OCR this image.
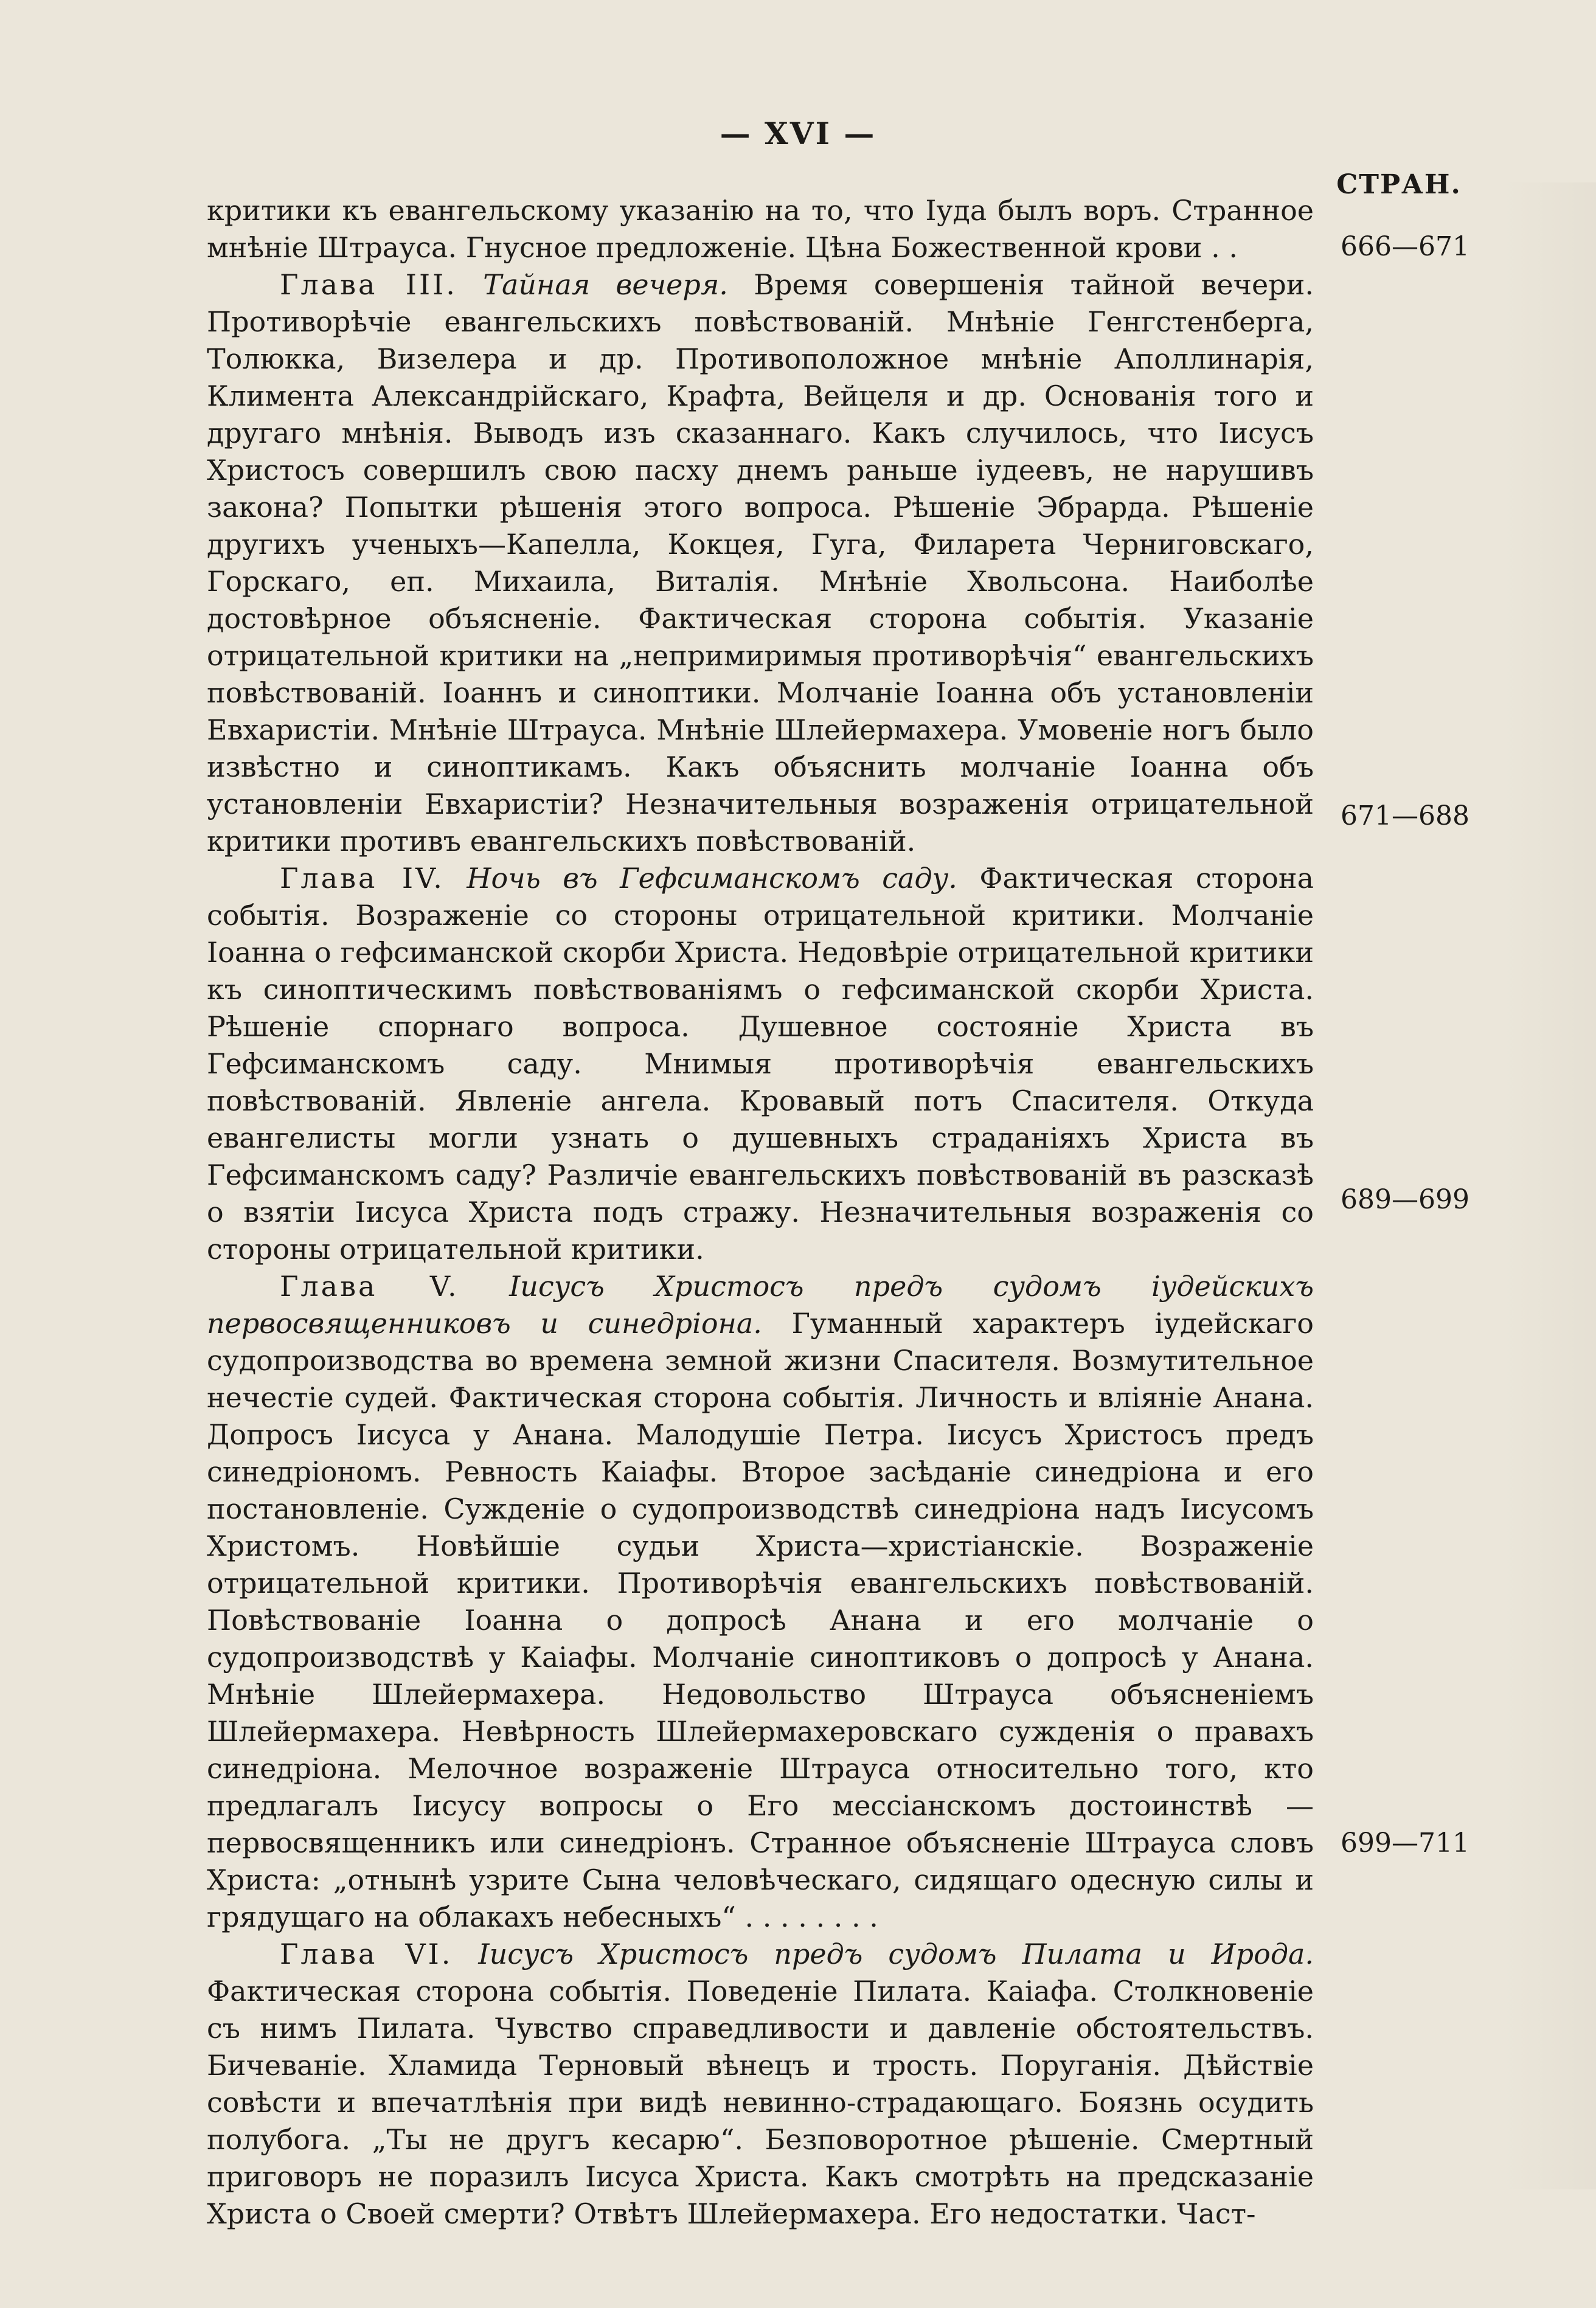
— XVI —
СТРАН.

критики къ евангельскому указанію на то, что Іуда былъ воръ. Странное мнѣніе Штрауса. Гнусное предложеніе. Цѣна Божественной крови . .

Глава III. Тайная вечеря. Время совершенія тайной вечери. Противорѣчіе евангельскихъ повѣствованій. Мнѣніе Генгстенберга, Толюкка, Визелера и др. Противоположное мнѣніе Аполлинарія, Климента Александрійскаго, Крафта, Вейцеля и др. Основанія того и другаго мнѣнія. Выводъ изъ сказаннаго. Какъ случилось, что Іисусъ Христосъ совершилъ свою пасху днемъ раньше іудеевъ, не нарушивъ закона? Попытки рѣшенія этого вопроса. Рѣшеніе Эбрарда. Рѣшеніе другихъ ученыхъ—Капелла, Кокцея, Гуга, Филарета Черниговскаго, Горскаго, еп. Михаила, Виталія. Мнѣніе Хвольсона. Наиболѣе достовѣрное объясненіе. Фактическая сторона событія. Указаніе отрицательной критики на „непримиримыя противорѣчія“ евангельскихъ повѣствованій. Іоаннъ и синоптики. Молчаніе Іоанна объ установленіи Евхаристіи. Мнѣніе Штрауса. Мнѣніе Шлейермахера. Умовеніе ногъ было извѣстно и синоптикамъ. Какъ объяснить молчаніе Іоанна объ установленіи Евхаристіи? Незначительныя возраженія отрицательной критики противъ евангельскихъ повѣствованій.

Глава IV. Ночь въ Гефсиманскомъ саду. Фактическая сторона событія. Возраженіе со стороны отрицательной критики. Молчаніе Іоанна о гефсиманской скорби Христа. Недовѣріе отрицательной критики къ синоптическимъ повѣствованіямъ о гефсиманской скорби Христа. Рѣшеніе спорнаго вопроса. Душевное состояніе Христа въ Гефсиманскомъ саду. Мнимыя противорѣчія евангельскихъ повѣствованій. Явленіе ангела. Кровавый потъ Спасителя. Откуда евангелисты могли узнать о душевныхъ страданіяхъ Христа въ Гефсиманскомъ саду? Различіе евангельскихъ повѣствованій въ разсказѣ о взятіи Іисуса Христа подъ стражу. Незначительныя возраженія со стороны отрицательной критики.

Глава V. Іисусъ Христосъ предъ судомъ іудейскихъ первосвященниковъ и синедріона. Гуманный характеръ іудейскаго судопроизводства во времена земной жизни Спасителя. Возмутительное нечестіе судей. Фактическая сторона событія. Личность и вліяніе Анана. Допросъ Іисуса у Анана. Малодушіе Петра. Іисусъ Христосъ предъ синедріономъ. Ревность Каіафы. Второе засѣданіе синедріона и его постановленіе. Сужденіе о судопроизводствѣ синедріона надъ Іисусомъ Христомъ. Новѣйшіе судьи Христа—христіанскіе. Возраженіе отрицательной критики. Противорѣчія евангельскихъ повѣствованій. Повѣствованіе Іоанна о допросѣ Анана и его молчаніе о судопроизводствѣ у Каіафы. Молчаніе синоптиковъ о допросѣ у Анана. Мнѣніе Шлейермахера. Недовольство Штрауса объясненіемъ Шлейермахера. Невѣрность Шлейермахеровскаго сужденія о правахъ синедріона. Мелочное возраженіе Штрауса относительно того, кто предлагалъ Іисусу вопросы о Его мессіанскомъ достоинствѣ — первосвященникъ или синедріонъ. Странное объясненіе Штрауса словъ Христа: „отнынѣ узрите Сына человѣческаго, сидящаго одесную силы и грядущаго на облакахъ небесныхъ“ . . . . . . . .

Глава VI. Іисусъ Христосъ предъ судомъ Пилата и Ирода. Фактическая сторона событія. Поведеніе Пилата. Каіафа. Столкновеніе съ нимъ Пилата. Чувство справедливости и давленіе обстоятельствъ. Бичеваніе. Хламида Терновый вѣнецъ и трость. Поруганія. Дѣйствіе совѣсти и впечатлѣнія при видѣ невинно-страдающаго. Боязнь осудить полубога. „Ты не другъ кесарю“. Безповоротное рѣшеніе. Смертный приговоръ не поразилъ Іисуса Христа. Какъ смотрѣть на предсказаніе Христа о Своей смерти? Отвѣтъ Шлейермахера. Его недостатки. Част-

666—671
671—688
689—699
699—711
